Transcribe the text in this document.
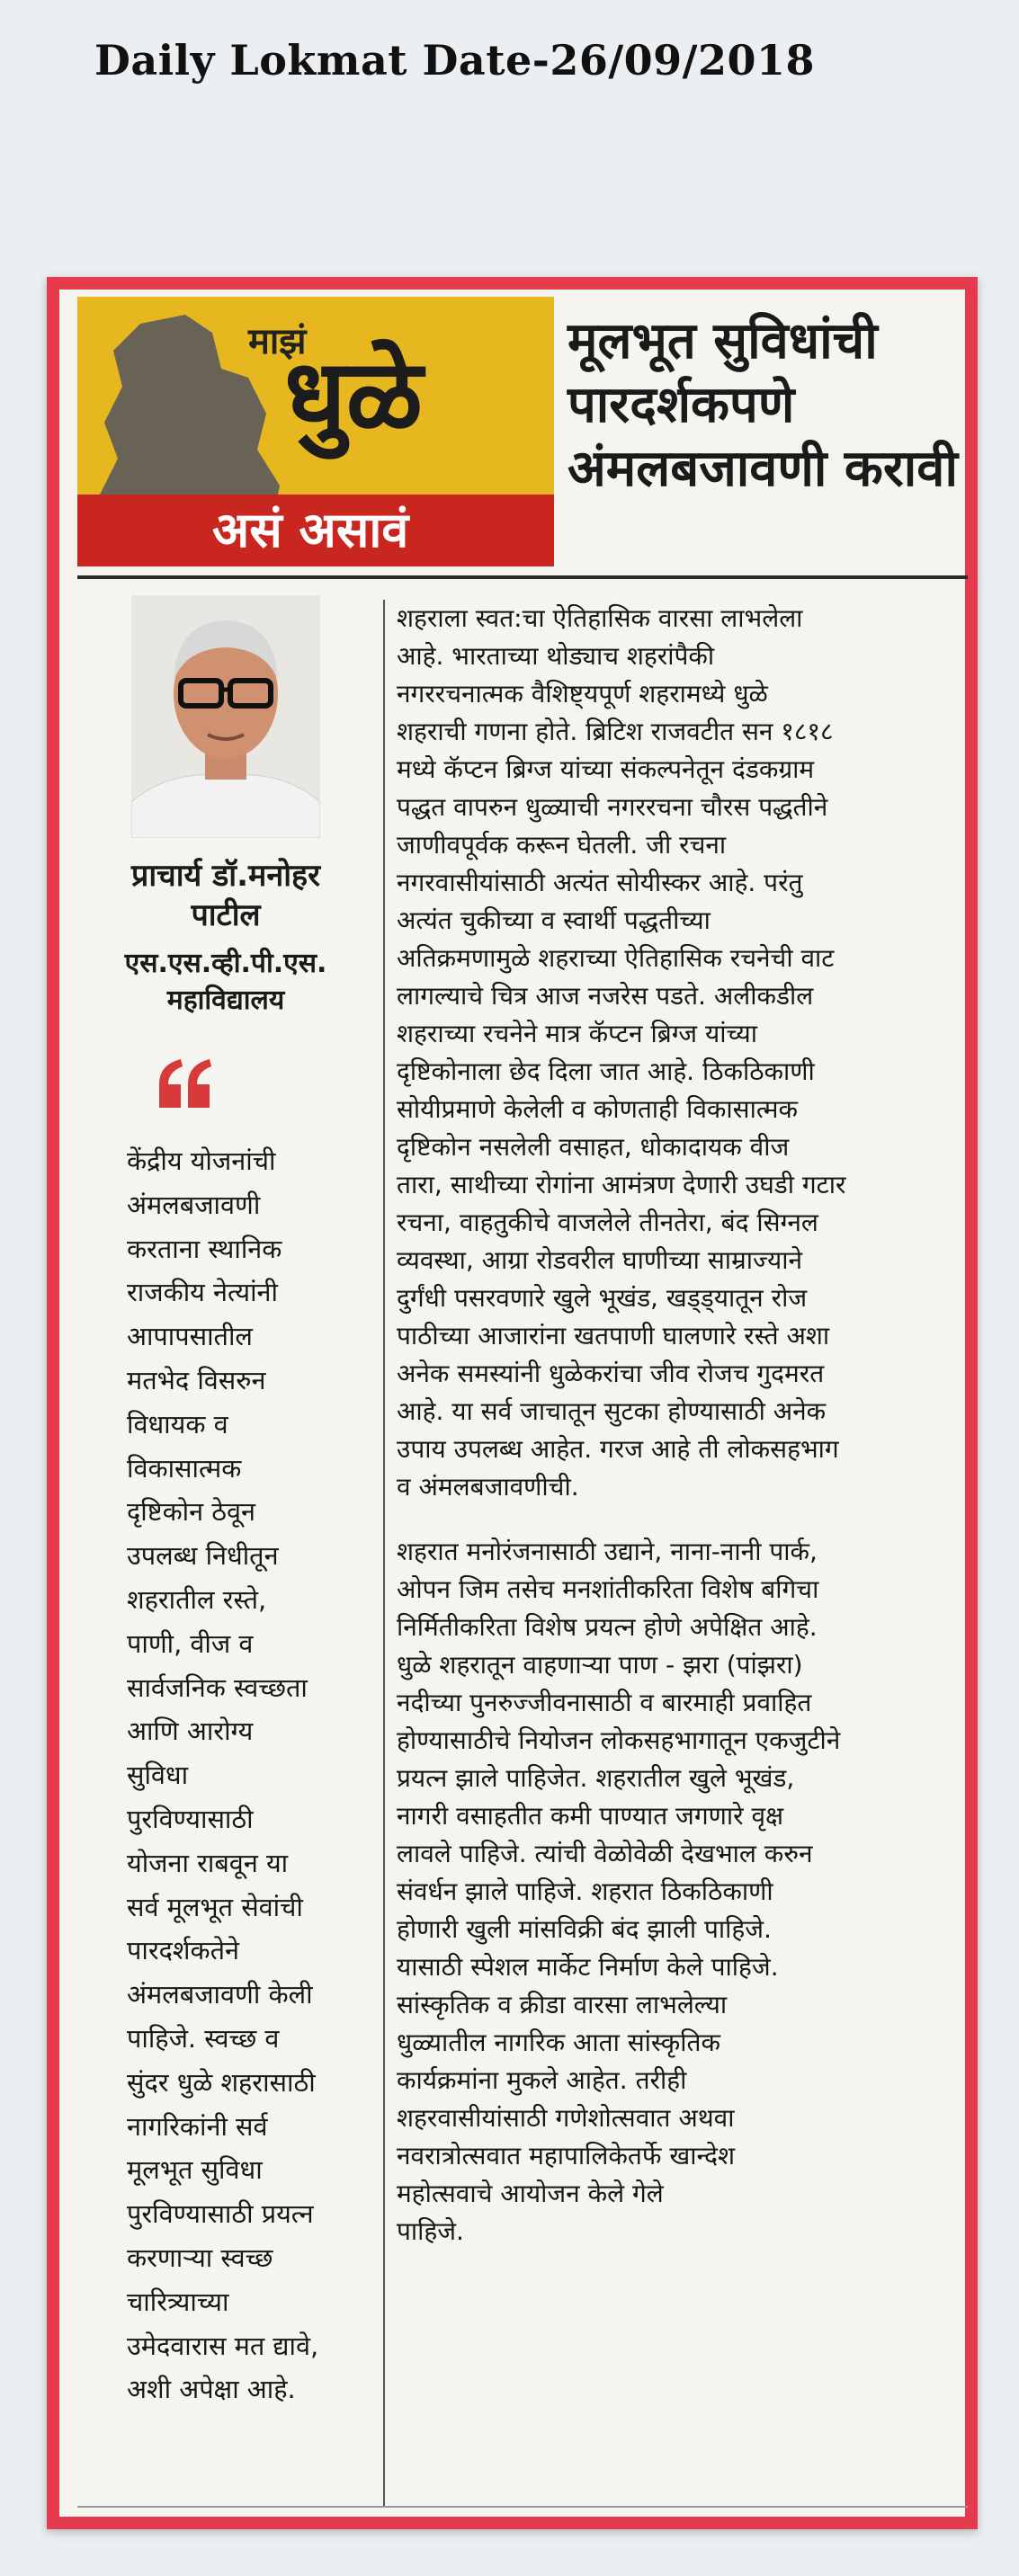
Daily Lokmat Date-26/09/2018
माझं
धुळे
असं असावं
मूलभूत सुविधांची
पारदर्शकपणे
अंमलबजावणी करावी
प्राचार्य डॉ.मनोहर
पाटील
एस.एस.व्ही.पी.एस.
महाविद्यालय
केंद्रीय योजनांची
अंमलबजावणी
करताना स्थानिक
राजकीय नेत्यांनी
आपापसातील
मतभेद विसरुन
विधायक व
विकासात्मक
दृष्टिकोन ठेवून
उपलब्ध निधीतून
शहरातील रस्ते,
पाणी, वीज व
सार्वजनिक स्वच्छता
आणि आरोग्य
सुविधा
पुरविण्यासाठी
योजना राबवून या
सर्व मूलभूत सेवांची
पारदर्शकतेने
अंमलबजावणी केली
पाहिजे. स्वच्छ व
सुंदर धुळे शहरासाठी
नागरिकांनी सर्व
मूलभूत सुविधा
पुरविण्यासाठी प्रयत्न
करणाऱ्या स्वच्छ
चारित्र्याच्या
उमेदवारास मत द्यावे,
अशी अपेक्षा आहे.
शहराला स्वत:चा ऐतिहासिक वारसा लाभलेला
आहे. भारताच्या थोड्याच शहरांपैकी
नगररचनात्मक वैशिष्ट्यपूर्ण शहरामध्ये धुळे
शहराची गणना होते. ब्रिटिश राजवटीत सन १८१८
मध्ये कॅप्टन ब्रिग्ज यांच्या संकल्पनेतून दंडकग्राम
पद्धत वापरुन धुळ्याची नगररचना चौरस पद्धतीने
जाणीवपूर्वक करून घेतली. जी रचना
नगरवासीयांसाठी अत्यंत सोयीस्कर आहे. परंतु
अत्यंत चुकीच्या व स्वार्थी पद्धतीच्या
अतिक्रमणामुळे शहराच्या ऐतिहासिक रचनेची वाट
लागल्याचे चित्र आज नजरेस पडते. अलीकडील
शहराच्या रचनेने मात्र कॅप्टन ब्रिग्ज यांच्या
दृष्टिकोनाला छेद दिला जात आहे. ठिकठिकाणी
सोयीप्रमाणे केलेली व कोणताही विकासात्मक
दृष्टिकोन नसलेली वसाहत, धोकादायक वीज
तारा, साथीच्या रोगांना आमंत्रण देणारी उघडी गटार
रचना, वाहतुकीचे वाजलेले तीनतेरा, बंद सिग्नल
व्यवस्था, आग्रा रोडवरील घाणीच्या साम्राज्याने
दुर्गंधी पसरवणारे खुले भूखंड, खड्ड्यातून रोज
पाठीच्या आजारांना खतपाणी घालणारे रस्ते अशा
अनेक समस्यांनी धुळेकरांचा जीव रोजच गुदमरत
आहे. या सर्व जाचातून सुटका होण्यासाठी अनेक
उपाय उपलब्ध आहेत. गरज आहे ती लोकसहभाग
व अंमलबजावणीची.
शहरात मनोरंजनासाठी उद्याने, नाना-नानी पार्क,
ओपन जिम तसेच मनशांतीकरिता विशेष बगिचा
निर्मितीकरिता विशेष प्रयत्न होणे अपेक्षित आहे.
धुळे शहरातून वाहणाऱ्या पाण - झरा (पांझरा)
नदीच्या पुनरुज्जीवनासाठी व बारमाही प्रवाहित
होण्यासाठीचे नियोजन लोकसहभागातून एकजुटीने
प्रयत्न झाले पाहिजेत. शहरातील खुले भूखंड,
नागरी वसाहतीत कमी पाण्यात जगणारे वृक्ष
लावले पाहिजे. त्यांची वेळोवेळी देखभाल करुन
संवर्धन झाले पाहिजे. शहरात ठिकठिकाणी
होणारी खुली मांसविक्री बंद झाली पाहिजे.
यासाठी स्पेशल मार्केट निर्माण केले पाहिजे.
सांस्कृतिक व क्रीडा वारसा लाभलेल्या
धुळ्यातील नागरिक आता सांस्कृतिक
कार्यक्रमांना मुकले आहेत. तरीही
शहरवासीयांसाठी गणेशोत्सवात अथवा
नवरात्रोत्सवात महापालिकेतर्फे खान्देश
महोत्सवाचे आयोजन केले गेले
पाहिजे.
